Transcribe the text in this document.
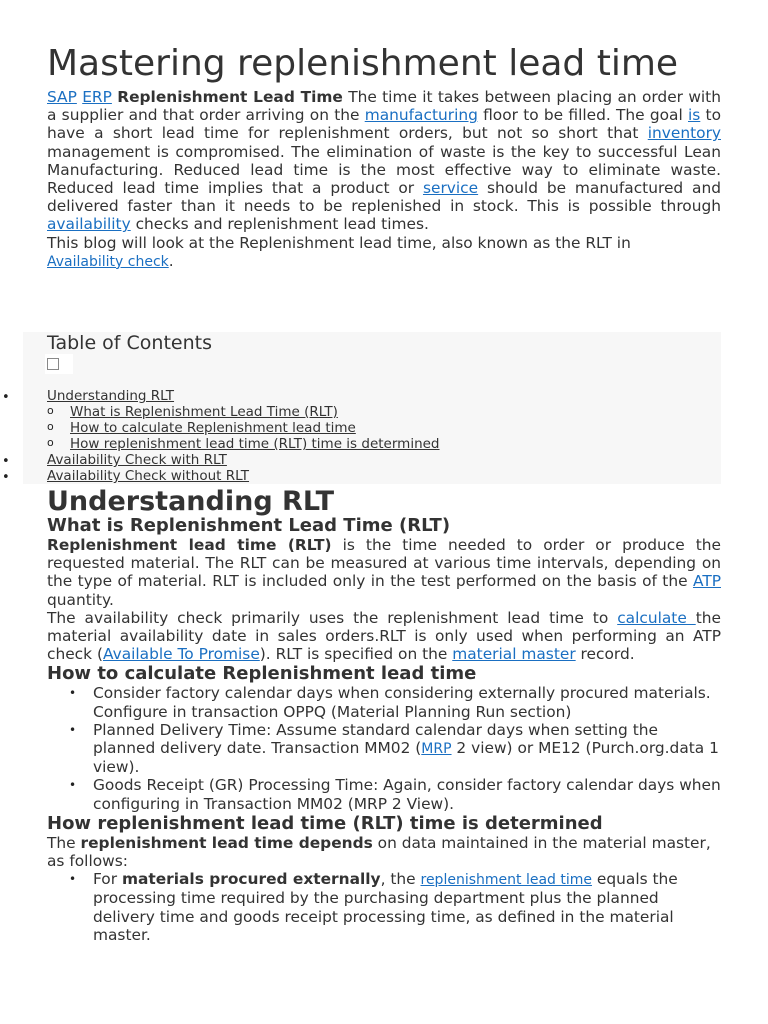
Mastering replenishment lead time

SAP ERP Replenishment Lead Time The time it takes between placing an order with a supplier and that order arriving on the manufacturing floor to be filled. The goal is to have a short lead time for replenishment orders, but not so short that inventory management is compromised. The elimination of waste is the key to successful Lean Manufacturing. Reduced lead time is the most effective way to eliminate waste. Reduced lead time implies that a product or service should be manufactured and delivered faster than it needs to be replenished in stock. This is possible through availability checks and replenishment lead times.

This blog will look at the Replenishment lead time, also known as the RLT in Availability check.

Table of Contents
• Understanding RLT
o What is Replenishment Lead Time (RLT)
o How to calculate Replenishment lead time
o How replenishment lead time (RLT) time is determined
• Availability Check with RLT
• Availability Check without RLT
Understanding RLT
What is Replenishment Lead Time (RLT)

Replenishment lead time (RLT) is the time needed to order or produce the requested material. The RLT can be measured at various time intervals, depending on the type of material. RLT is included only in the test performed on the basis of the ATP quantity.

The availability check primarily uses the replenishment lead time to calculate the material availability date in sales orders.RLT is only used when performing an ATP check (Available To Promise). RLT is specified on the material master record.

How to calculate Replenishment lead time
• Consider factory calendar days when considering externally procured materials. Configure in transaction OPPQ (Material Planning Run section)
• Planned Delivery Time: Assume standard calendar days when setting the planned delivery date. Transaction MM02 (MRP 2 view) or ME12 (Purch.org.data 1 view).
• Goods Receipt (GR) Processing Time: Again, consider factory calendar days when configuring in Transaction MM02 (MRP 2 View).
How replenishment lead time (RLT) time is determined

The replenishment lead time depends on data maintained in the material master, as follows:

• For materials procured externally, the replenishment lead time equals the processing time required by the purchasing department plus the planned delivery time and goods receipt processing time, as defined in the material master.
